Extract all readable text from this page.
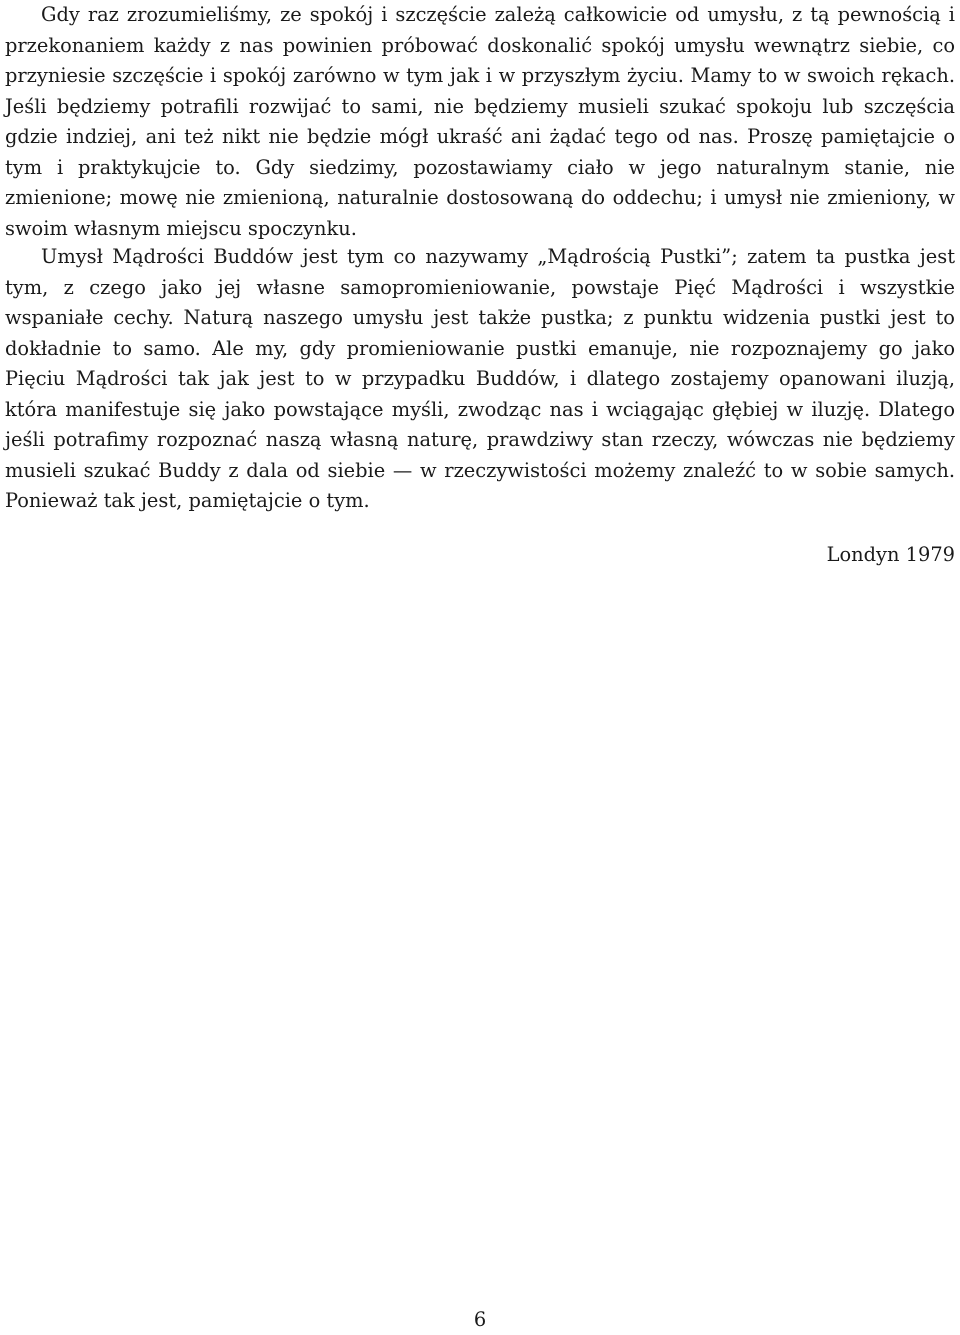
Gdy raz zrozumieliśmy, ze spokój i szczęście zależą całkowicie od umysłu, z tą pewnością i przekonaniem każdy z nas powinien próbować doskonalić spokój umysłu wewnątrz siebie, co przyniesie szczęście i spokój zarówno w tym jak i w przyszłym życiu. Mamy to w swoich rękach. Jeśli będziemy potrafili rozwijać to sami, nie będziemy musieli szukać spokoju lub szczęścia gdzie indziej, ani też nikt nie będzie mógł ukraść ani żądać tego od nas. Proszę pamiętajcie o tym i praktykujcie to. Gdy siedzimy, pozostawiamy ciało w jego naturalnym stanie, nie zmienione; mowę nie zmienioną, naturalnie dostosowaną do oddechu; i umysł nie zmieniony, w swoim własnym miejscu spoczynku.

Umysł Mądrości Buddów jest tym co nazywamy „Mądrością Pustki”; zatem ta pustka jest tym, z czego jako jej własne samopromieniowanie, powstaje Pięć Mądrości i wszystkie wspaniałe cechy. Naturą naszego umysłu jest także pustka; z punktu widzenia pustki jest to dokładnie to samo. Ale my, gdy promieniowanie pustki emanuje, nie rozpoznajemy go jako Pięciu Mądrości tak jak jest to w przypadku Buddów, i dlatego zostajemy opanowani iluzją, która manifestuje się jako powstające myśli, zwodząc nas i wciągając głębiej w iluzję. Dlatego jeśli potrafimy rozpoznać naszą własną naturę, prawdziwy stan rzeczy, wówczas nie będziemy musieli szukać Buddy z dala od siebie — w rzeczywistości możemy znaleźć to w sobie samych. Ponieważ tak jest, pamiętajcie o tym.

Londyn 1979
6
